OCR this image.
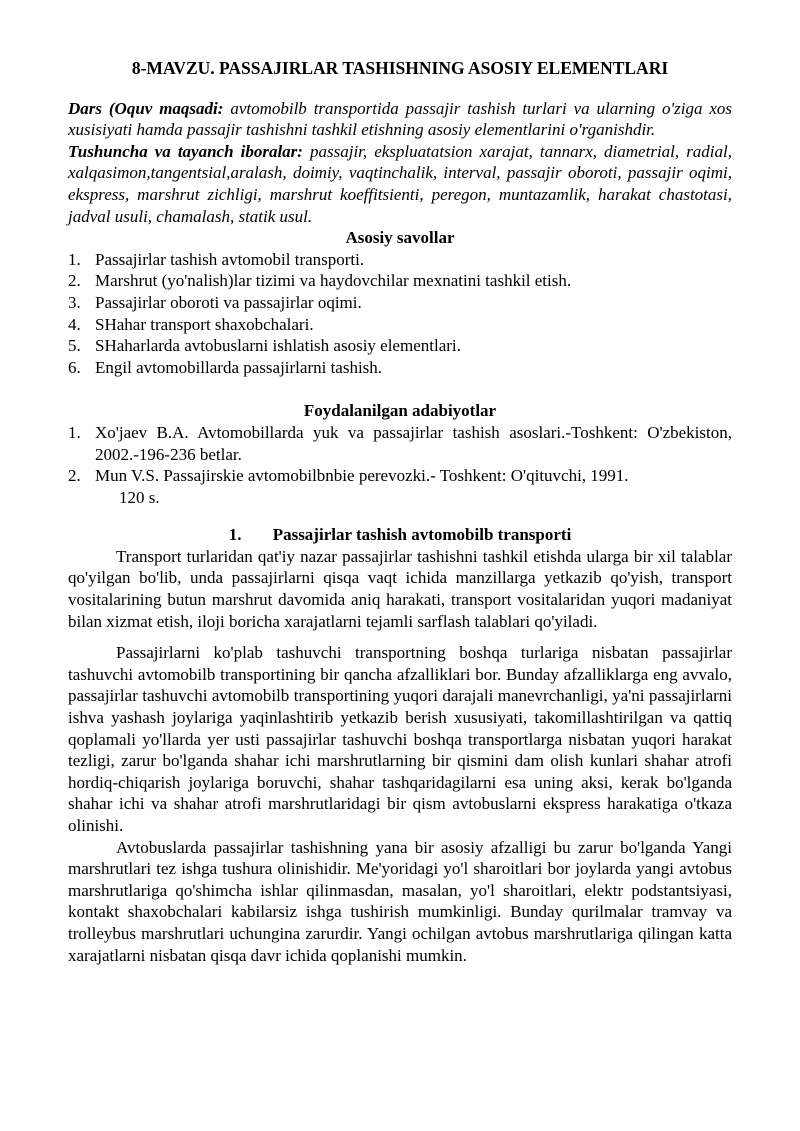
8-MAVZU. PASSAJIRLAR TASHISHNING ASOSIY ELEMENTLARI

Dars (Oquv maqsadi: avtomobilb transportida passajir tashish turlari va ularning o'ziga xos xusisiyati hamda passajir tashishni tashkil etishning asosiy elementlarini o'rganishdir.

Tushuncha va tayanch iboralar: passajir, ekspluatatsion xarajat, tannarx, diametrial, radial, xalqasimon,tangentsial,aralash, doimiy, vaqtinchalik, interval, passajir oboroti, passajir oqimi, ekspress, marshrut zichligi, marshrut koeffitsienti, peregon, muntazamlik, harakat chastotasi, jadval usuli, chamalash, statik usul.

Asosiy savollar
1. Passajirlar tashish avtomobil transporti.
2. Marshrut (yo'nalish)lar tizimi va haydovchilar mexnatini tashkil etish.
3. Passajirlar oboroti va passajirlar oqimi.
4. SHahar transport shaxobchalari.
5. SHaharlarda avtobuslarni ishlatish asosiy elementlari.
6. Engil avtomobillarda passajirlarni tashish.
Foydalanilgan adabiyotlar
1. Xo'jaev B.A. Avtomobillarda yuk va passajirlar tashish asoslari.-Toshkent: O'zbekiston, 2002.-196-236 betlar.
2. Mun V.S. Passajirskie avtomobilbnbie perevozki.- Toshkent: O'qituvchi, 1991.
120 s.
1. Passajirlar tashish avtomobilb transporti

Transport turlaridan qat'iy nazar passajirlar tashishni tashkil etishda ularga bir xil talablar qo'yilgan bo'lib, unda passajirlarni qisqa vaqt ichida manzillarga yetkazib qo'yish, transport vositalarining butun marshrut davomida aniq harakati, transport vositalaridan yuqori madaniyat bilan xizmat etish, iloji boricha xarajatlarni tejamli sarflash talablari qo'yiladi.

Passajirlarni ko'plab tashuvchi transportning boshqa turlariga nisbatan passajirlar tashuvchi avtomobilb transportining bir qancha afzalliklari bor. Bunday afzalliklarga eng avvalo, passajirlar tashuvchi avtomobilb transportining yuqori darajali manevrchanligi, ya'ni passajirlarni ishva yashash joylariga yaqinlashtirib yetkazib berish xususiyati, takomillashtirilgan va qattiq qoplamali yo'llarda yer usti passajirlar tashuvchi boshqa transportlarga nisbatan yuqori harakat tezligi, zarur bo'lganda shahar ichi marshrutlarning bir qismini dam olish kunlari shahar atrofi hordiq-chiqarish joylariga boruvchi, shahar tashqaridagilarni esa uning aksi, kerak bo'lganda shahar ichi va shahar atrofi marshrutlaridagi bir qism avtobuslarni ekspress harakatiga o'tkaza olinishi.

Avtobuslarda passajirlar tashishning yana bir asosiy afzalligi bu zarur bo'lganda Yangi marshrutlari tez ishga tushura olinishidir. Me'yoridagi yo'l sharoitlari bor joylarda yangi avtobus marshrutlariga qo'shimcha ishlar qilinmasdan, masalan, yo'l sharoitlari, elektr podstantsiyasi, kontakt shaxobchalari kabilarsiz ishga tushirish mumkinligi. Bunday qurilmalar tramvay va trolleybus marshrutlari uchungina zarurdir. Yangi ochilgan avtobus marshrutlariga qilingan katta xarajatlarni nisbatan qisqa davr ichida qoplanishi mumkin.
